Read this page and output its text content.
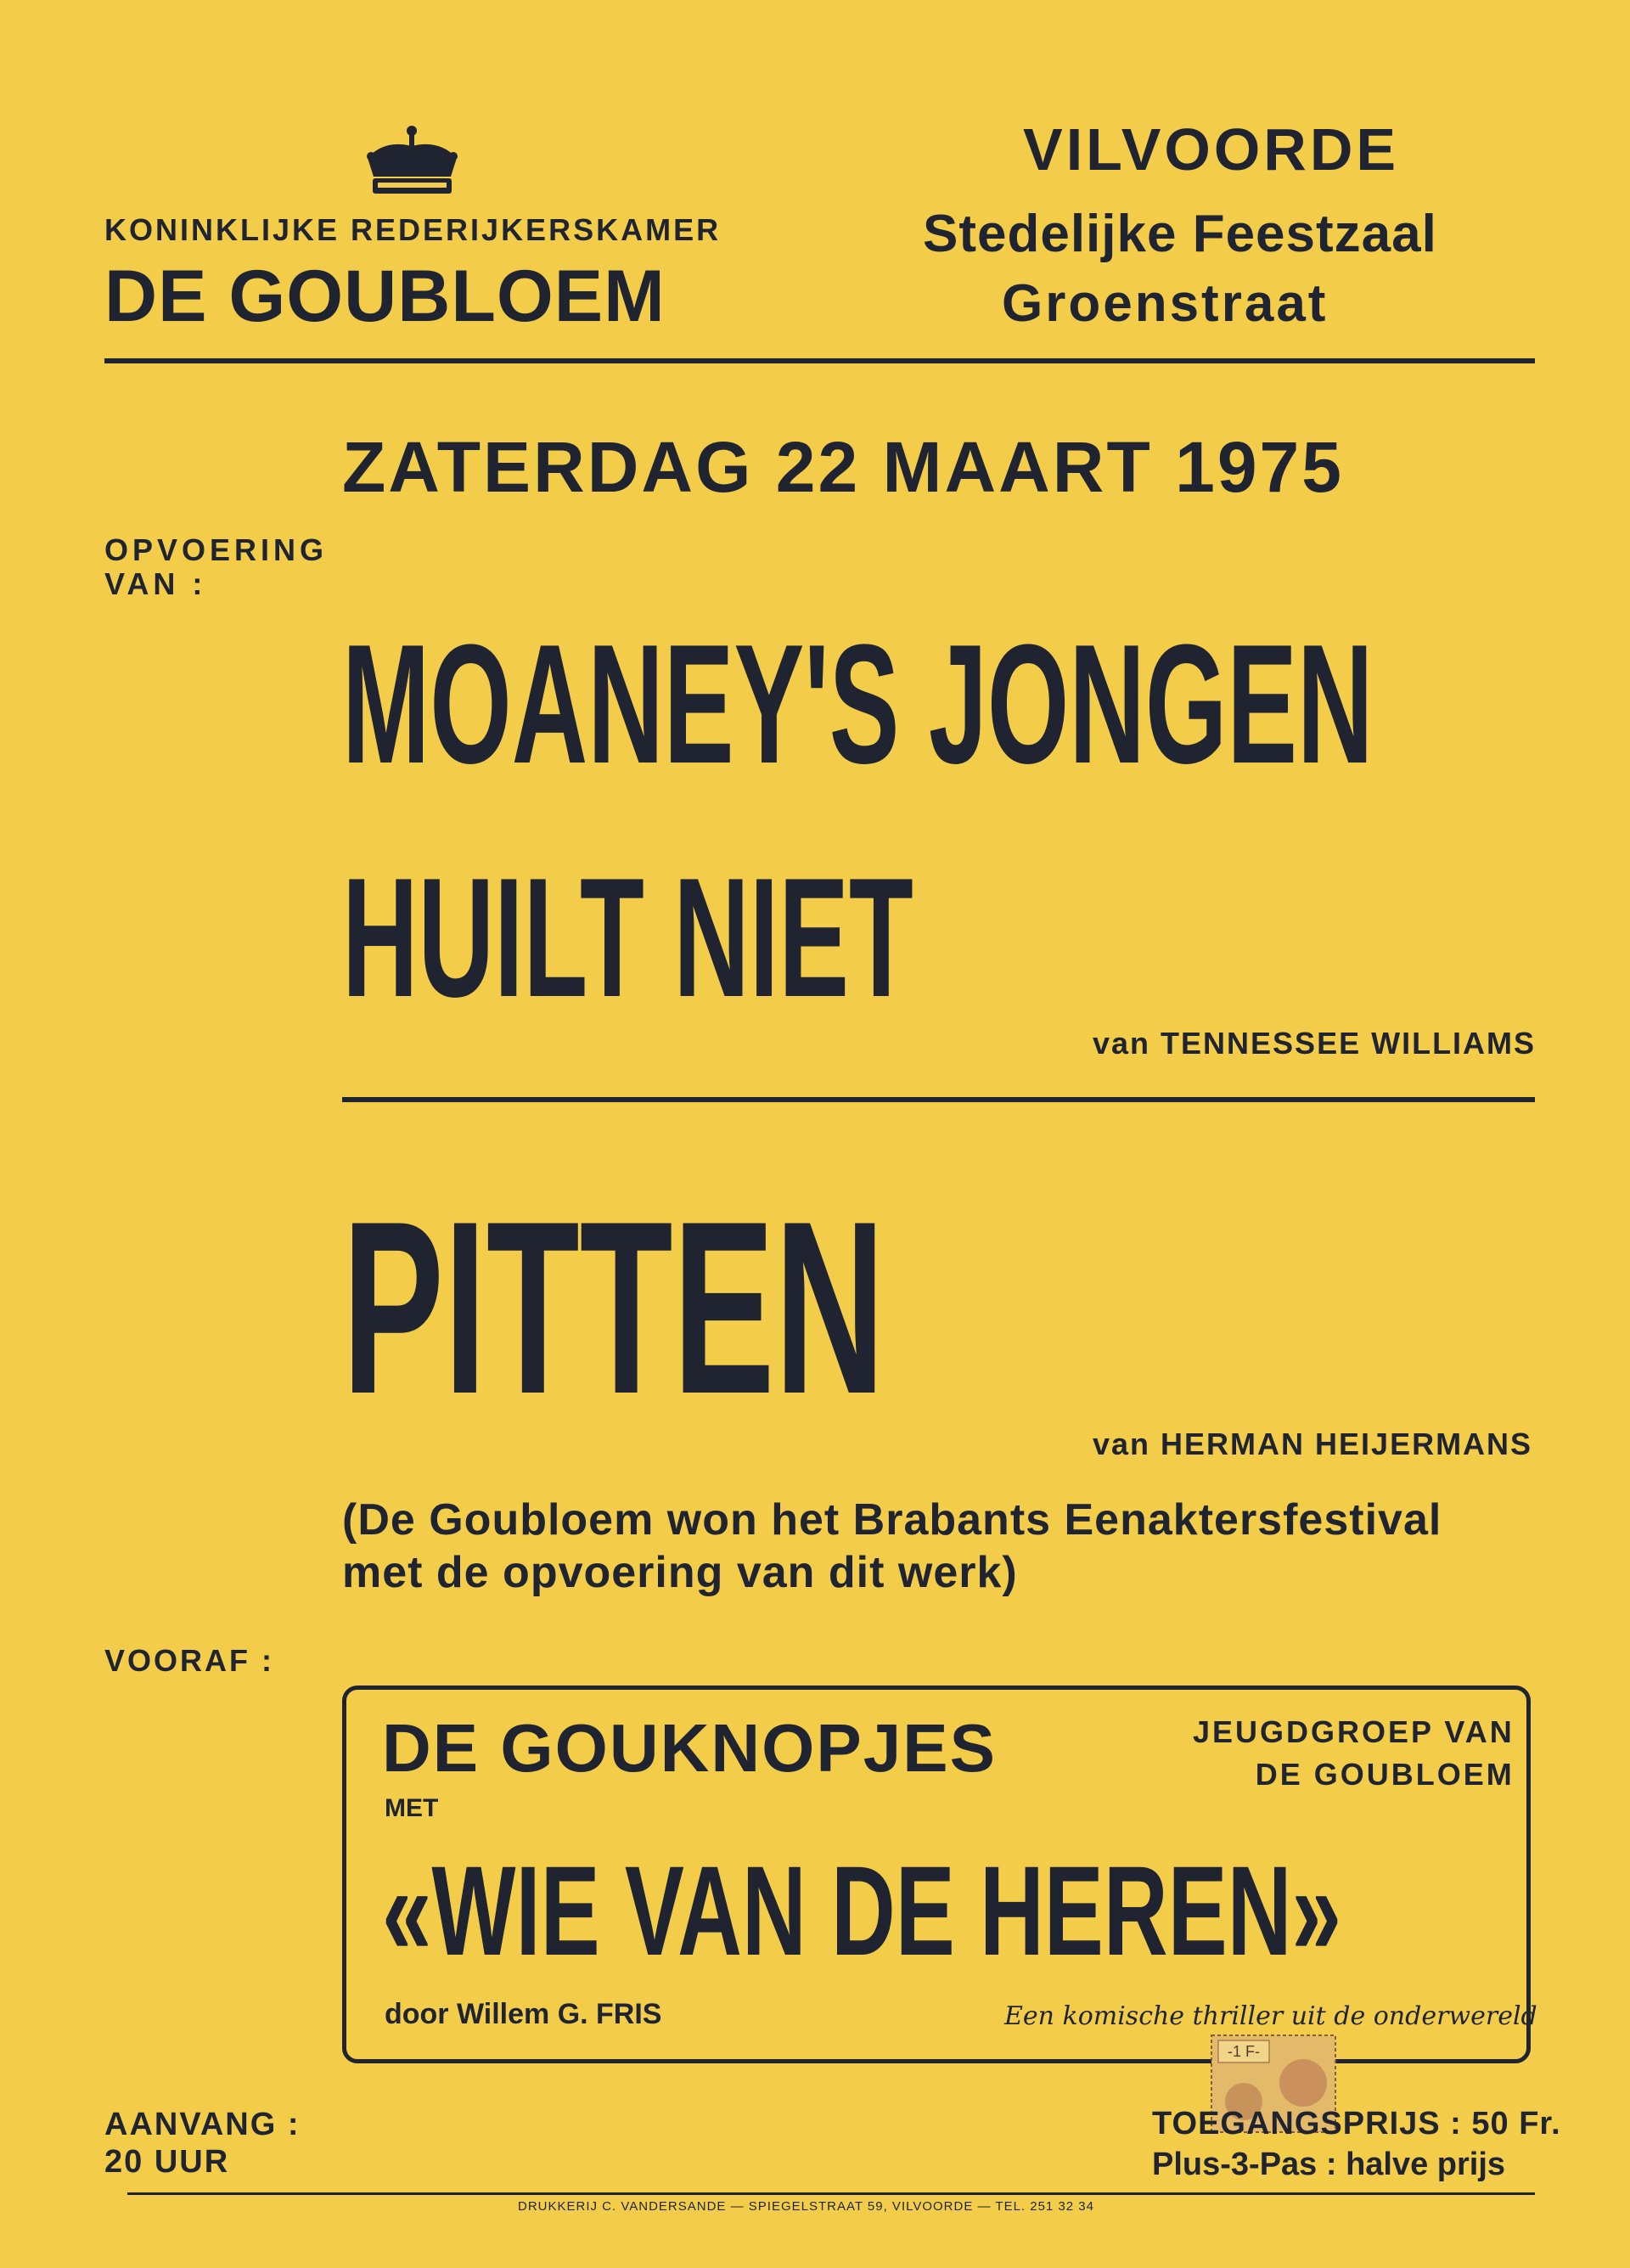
KONINKLIJKE REDERIJKERSKAMER
DE GOUBLOEM
VILVOORDE
Stedelijke Feestzaal
Groenstraat
ZATERDAG 22 MAART 1975
OPVOERING
VAN :
MOANEY'S JONGEN
HUILT NIET
van TENNESSEE WILLIAMS
PITTEN	van HERMAN HEIJERMANS
(De Goubloem won het Brabants Eenaktersfestival
met de opvoering van dit werk)
VOORAF :
DE GOUKNOPJES	JEUGDGROEP VAN
DE GOUBLOEM
MET
«WIE VAN DE HEREN»
door Willem G. FRIS	Een komische thriller uit de onderwereld
-1 F-
AANVANG :
20 UUR
TOEGANGSPRIJS : 50 Fr.
Plus-3-Pas : halve prijs
DRUKKERIJ C. VANDERSANDE — SPIEGELSTRAAT 59, VILVOORDE — TEL. 251 32 34
